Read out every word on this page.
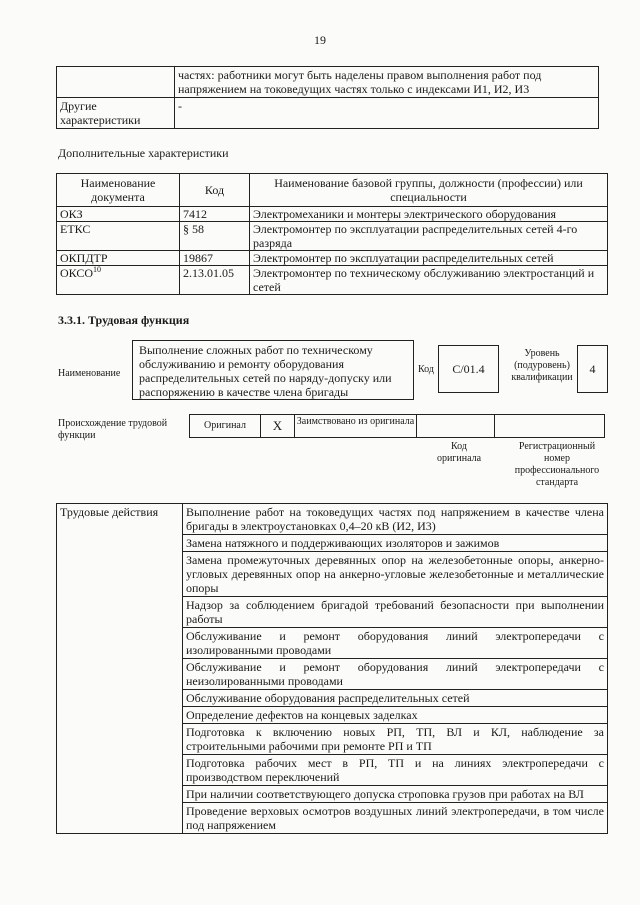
19
	частях: работники могут быть наделены правом выполнения работ под напряжением на токоведущих частях только с индексами И1, И2, И3
Другие характеристики	-
Дополнительные характеристики
Наименование документа	Код	Наименование базовой группы, должности (профессии) или специальности
ОКЗ	7412	Электромеханики и монтеры электрического оборудования
ЕТКС	§ 58	Электромонтер по эксплуатации распределительных сетей 4-го разряда
ОКПДТР	19867	Электромонтер по эксплуатации распределительных сетей
ОКСО$^{10}$	2.13.01.05	Электромонтер по техническому обслуживанию электростанций и сетей
3.3.1. Трудовая функция
Наименование
Выполнение сложных работ по техническому обслуживанию и ремонту оборудования распределительных сетей по наряду-допуску или распоряжению в качестве члена бригады
Код	С/01.4
Уровень (подуровень) квалификации
4
Происхождение трудовой функции
Оригинал	X	Заимствовано из оригинала
Код оригинала
Регистрационный номер профессионального стандарта
Трудовые действия	Выполнение работ на токоведущих частях под напряжением в качестве члена бригады в электроустановках 0,4–20 кВ (И2, И3)
Замена натяжного и поддерживающих изоляторов и зажимов
Замена промежуточных деревянных опор на железобетонные опоры, анкерно-угловых деревянных опор на анкерно-угловые железобетонные и металлические опоры
Надзор за соблюдением бригадой требований безопасности при выполнении работы
Обслуживание и ремонт оборудования линий электропередачи с изолированными проводами
Обслуживание и ремонт оборудования линий электропередачи с неизолированными проводами
Обслуживание оборудования распределительных сетей
Определение дефектов на концевых заделках
Подготовка к включению новых РП, ТП, ВЛ и КЛ, наблюдение за строительными рабочими при ремонте РП и ТП
Подготовка рабочих мест в РП, ТП и на линиях электропередачи с производством переключений
При наличии соответствующего допуска строповка грузов при работах на ВЛ
Проведение верховых осмотров воздушных линий электропередачи, в том числе под напряжением
